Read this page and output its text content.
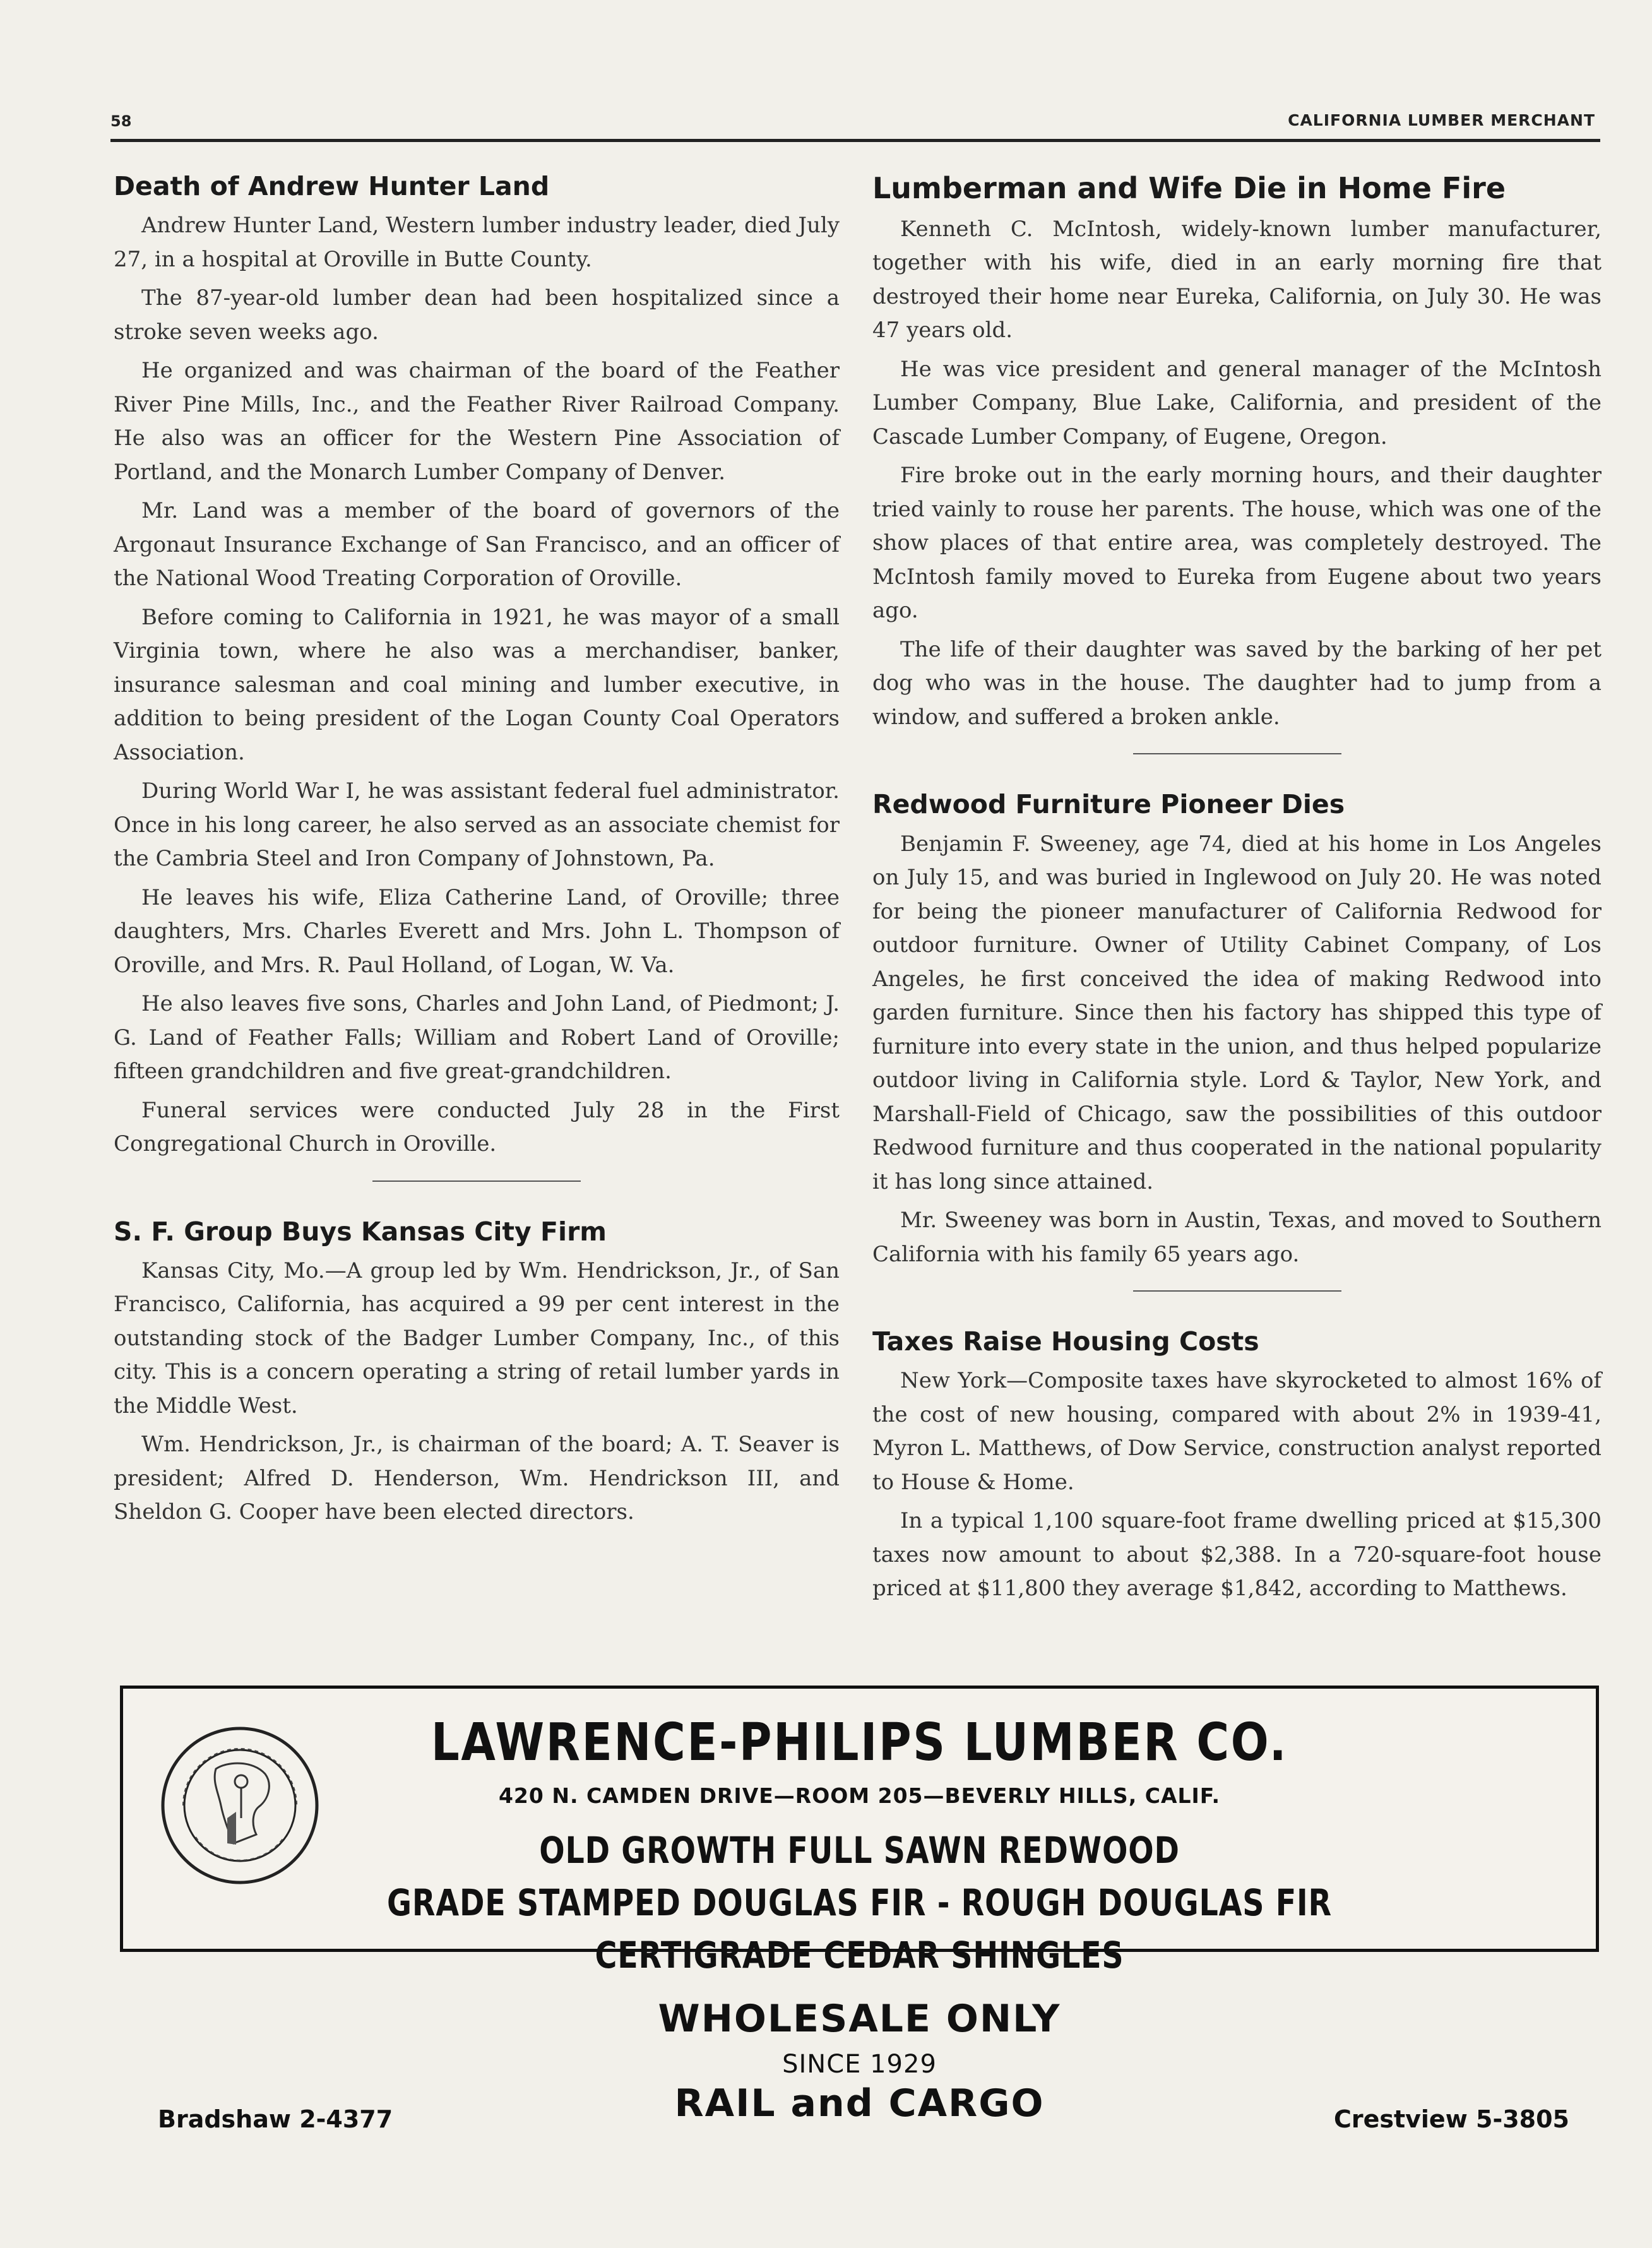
58	CALIFORNIA LUMBER MERCHANT
Death of Andrew Hunter Land

Andrew Hunter Land, Western lumber industry leader, died July 27, in a hospital at Oroville in Butte County.

The 87-year-old lumber dean had been hospitalized since a stroke seven weeks ago.

He organized and was chairman of the board of the Feather River Pine Mills, Inc., and the Feather River Railroad Company. He also was an officer for the Western Pine Association of Portland, and the Monarch Lumber Company of Denver.

Mr. Land was a member of the board of governors of the Argonaut Insurance Exchange of San Francisco, and an officer of the National Wood Treating Corporation of Oroville.

Before coming to California in 1921, he was mayor of a small Virginia town, where he also was a merchandiser, banker, insurance salesman and coal mining and lumber executive, in addition to being president of the Logan County Coal Operators Association.

During World War I, he was assistant federal fuel administrator. Once in his long career, he also served as an associate chemist for the Cambria Steel and Iron Company of Johnstown, Pa.

He leaves his wife, Eliza Catherine Land, of Oroville; three daughters, Mrs. Charles Everett and Mrs. John L. Thompson of Oroville, and Mrs. R. Paul Holland, of Logan, W. Va.

He also leaves five sons, Charles and John Land, of Piedmont; J. G. Land of Feather Falls; William and Robert Land of Oroville; fifteen grandchildren and five great-grandchildren.

Funeral services were conducted July 28 in the First Congregational Church in Oroville.

S. F. Group Buys Kansas City Firm

Kansas City, Mo.—A group led by Wm. Hendrickson, Jr., of San Francisco, California, has acquired a 99 per cent interest in the outstanding stock of the Badger Lumber Company, Inc., of this city. This is a concern operating a string of retail lumber yards in the Middle West.

Wm. Hendrickson, Jr., is chairman of the board; A. T. Seaver is president; Alfred D. Henderson, Wm. Hendrickson III, and Sheldon G. Cooper have been elected directors.

Lumberman and Wife Die in Home Fire

Kenneth C. McIntosh, widely-known lumber manufacturer, together with his wife, died in an early morning fire that destroyed their home near Eureka, California, on July 30. He was 47 years old.

He was vice president and general manager of the McIntosh Lumber Company, Blue Lake, California, and president of the Cascade Lumber Company, of Eugene, Oregon.

Fire broke out in the early morning hours, and their daughter tried vainly to rouse her parents. The house, which was one of the show places of that entire area, was completely destroyed. The McIntosh family moved to Eureka from Eugene about two years ago.

The life of their daughter was saved by the barking of her pet dog who was in the house. The daughter had to jump from a window, and suffered a broken ankle.

Redwood Furniture Pioneer Dies

Benjamin F. Sweeney, age 74, died at his home in Los Angeles on July 15, and was buried in Inglewood on July 20. He was noted for being the pioneer manufacturer of California Redwood for outdoor furniture. Owner of Utility Cabinet Company, of Los Angeles, he first conceived the idea of making Redwood into garden furniture. Since then his factory has shipped this type of furniture into every state in the union, and thus helped popularize outdoor living in California style. Lord & Taylor, New York, and Marshall-Field of Chicago, saw the possibilities of this outdoor Redwood furniture and thus cooperated in the national popularity it has long since attained.

Mr. Sweeney was born in Austin, Texas, and moved to Southern California with his family 65 years ago.

Taxes Raise Housing Costs

New York—Composite taxes have skyrocketed to almost 16% of the cost of new housing, compared with about 2% in 1939-41, Myron L. Matthews, of Dow Service, construction analyst reported to House & Home.

In a typical 1,100 square-foot frame dwelling priced at $15,300 taxes now amount to about $2,388. In a 720-square-foot house priced at $11,800 they average $1,842, according to Matthews.

LAWRENCE-PHILIPS LUMBER CO.
420 N. CAMDEN DRIVE—ROOM 205—BEVERLY HILLS, CALIF.
OLD GROWTH FULL SAWN REDWOOD
GRADE STAMPED DOUGLAS FIR - ROUGH DOUGLAS FIR
CERTIGRADE CEDAR SHINGLES
WHOLESALE ONLY
SINCE 1929
RAIL and CARGO
Bradshaw 2-4377	Crestview 5-3805
